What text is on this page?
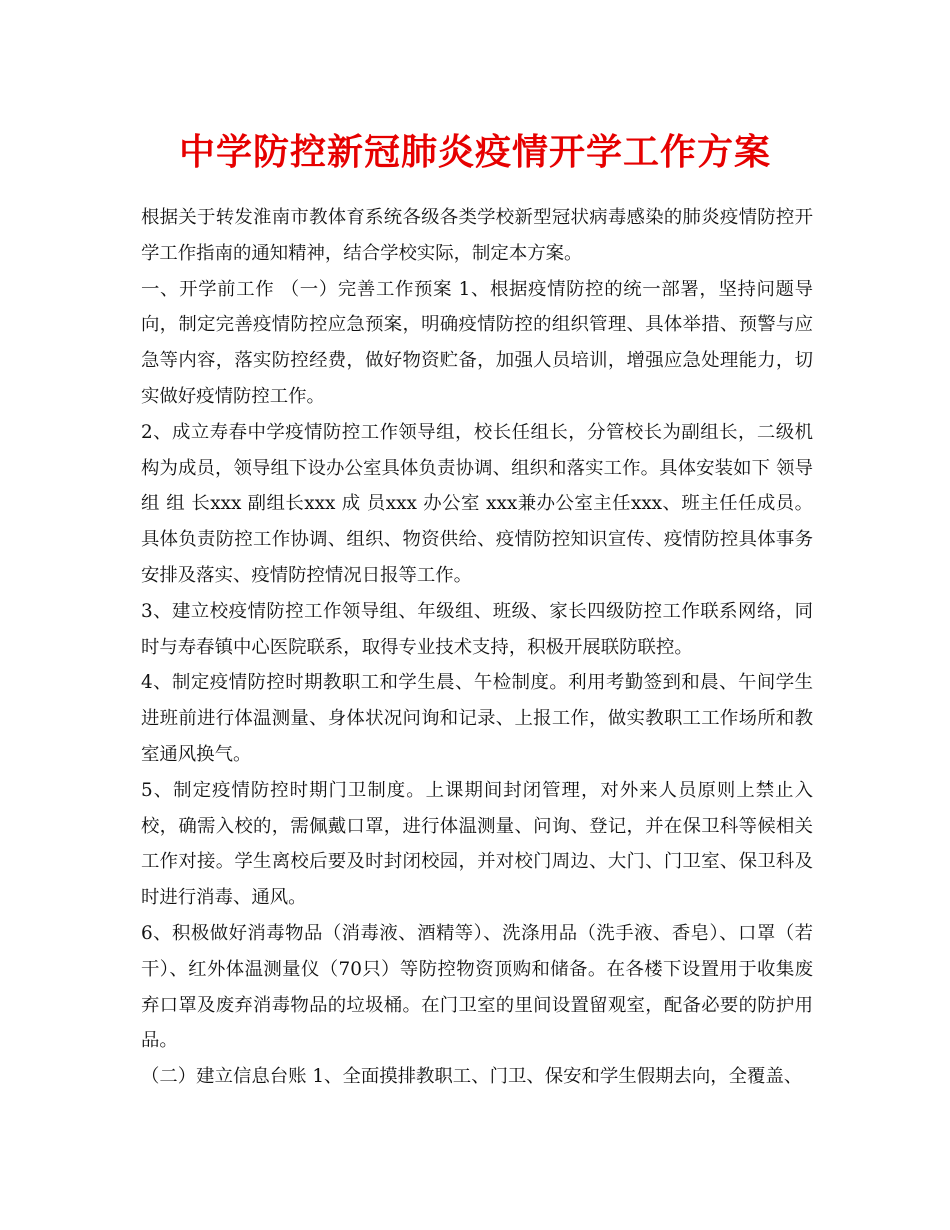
中学防控新冠肺炎疫情开学工作方案

根据关于转发淮南市教体育系统各级各类学校新型冠状病毒感染的肺炎疫情防控开学工作指南的通知精神，结合学校实际，制定本方案。

一、开学前工作 （一）完善工作预案 1、根据疫情防控的统一部署，坚持问题导向，制定完善疫情防控应急预案，明确疫情防控的组织管理、具体举措、预警与应急等内容，落实防控经费，做好物资贮备，加强人员培训，增强应急处理能力，切实做好疫情防控工作。

2、成立寿春中学疫情防控工作领导组，校长任组长，分管校长为副组长，二级机构为成员，领导组下设办公室具体负责协调、组织和落实工作。具体安装如下 领导组 组 长xxx 副组长xxx 成 员xxx 办公室 xxx兼办公室主任xxx、班主任任成员。具体负责防控工作协调、组织、物资供给、疫情防控知识宣传、疫情防控具体事务安排及落实、疫情防控情况日报等工作。

3、建立校疫情防控工作领导组、年级组、班级、家长四级防控工作联系网络，同时与寿春镇中心医院联系，取得专业技术支持，积极开展联防联控。

4、制定疫情防控时期教职工和学生晨、午检制度。利用考勤签到和晨、午间学生进班前进行体温测量、身体状况问询和记录、上报工作，做实教职工工作场所和教室通风换气。

5、制定疫情防控时期门卫制度。上课期间封闭管理，对外来人员原则上禁止入校，确需入校的，需佩戴口罩，进行体温测量、问询、登记，并在保卫科等候相关工作对接。学生离校后要及时封闭校园，并对校门周边、大门、门卫室、保卫科及时进行消毒、通风。

6、积极做好消毒物品（消毒液、酒精等）、洗涤用品（洗手液、香皂）、口罩（若干）、红外体温测量仪（70只）等防控物资顶购和储备。在各楼下设置用于收集废弃口罩及废弃消毒物品的垃圾桶。在门卫室的里间设置留观室，配备必要的防护用品。

（二）建立信息台账 1、全面摸排教职工、门卫、保安和学生假期去向，全覆盖、
